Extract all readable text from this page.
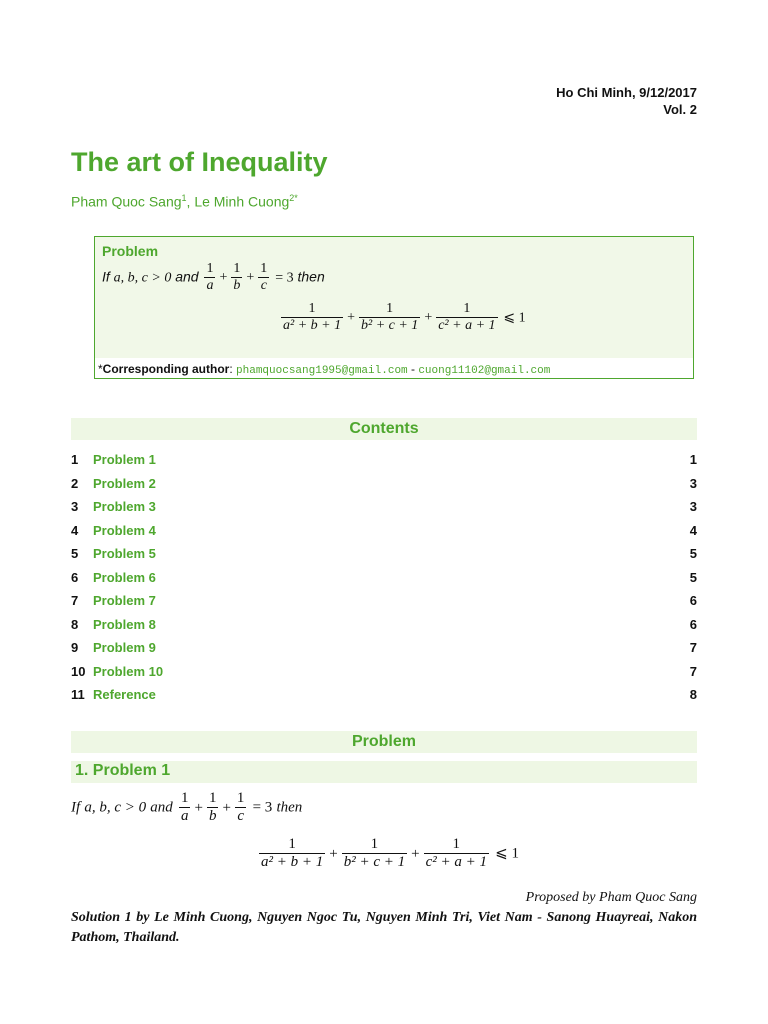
Ho Chi Minh, 9/12/2017
Vol. 2
The art of Inequality
Pham Quoc Sang$^1$, Le Minh Cuong$^{2*}$
Problem
If a, b, c > 0 and $\frac{1}{a} + \frac{1}{b} + \frac{1}{c} = 3$ then
$\frac{1}{\text{a² + b + 1}} + \frac{1}{\text{b² + c + 1}} + \frac{1}{\text{c² + a + 1}}$ ⩽ 1
*Corresponding author: phamquocsang1995@gmail.com - cuong11102@gmail.com
Contents
1 Problem 1	1
2 Problem 2	3
3 Problem 3	3
4 Problem 4	4
5 Problem 5	5
6 Problem 6	5
7 Problem 7	6
8 Problem 8	6
9 Problem 9	7
10 Problem 10	7
11 Reference	8
Problem
1. Problem 1
If a, b, c > 0 and $\frac{1}{a} + \frac{1}{b} + \frac{1}{c} = 3$ then
$\frac{1}{\text{a² + b + 1}} + \frac{1}{\text{b² + c + 1}} + \frac{1}{\text{c² + a + 1}}$ ⩽ 1
Proposed by Pham Quoc Sang
Solution 1 by Le Minh Cuong, Nguyen Ngoc Tu, Nguyen Minh Tri, Viet Nam - Sanong Huayreai, Nakon Pathom, Thailand.
